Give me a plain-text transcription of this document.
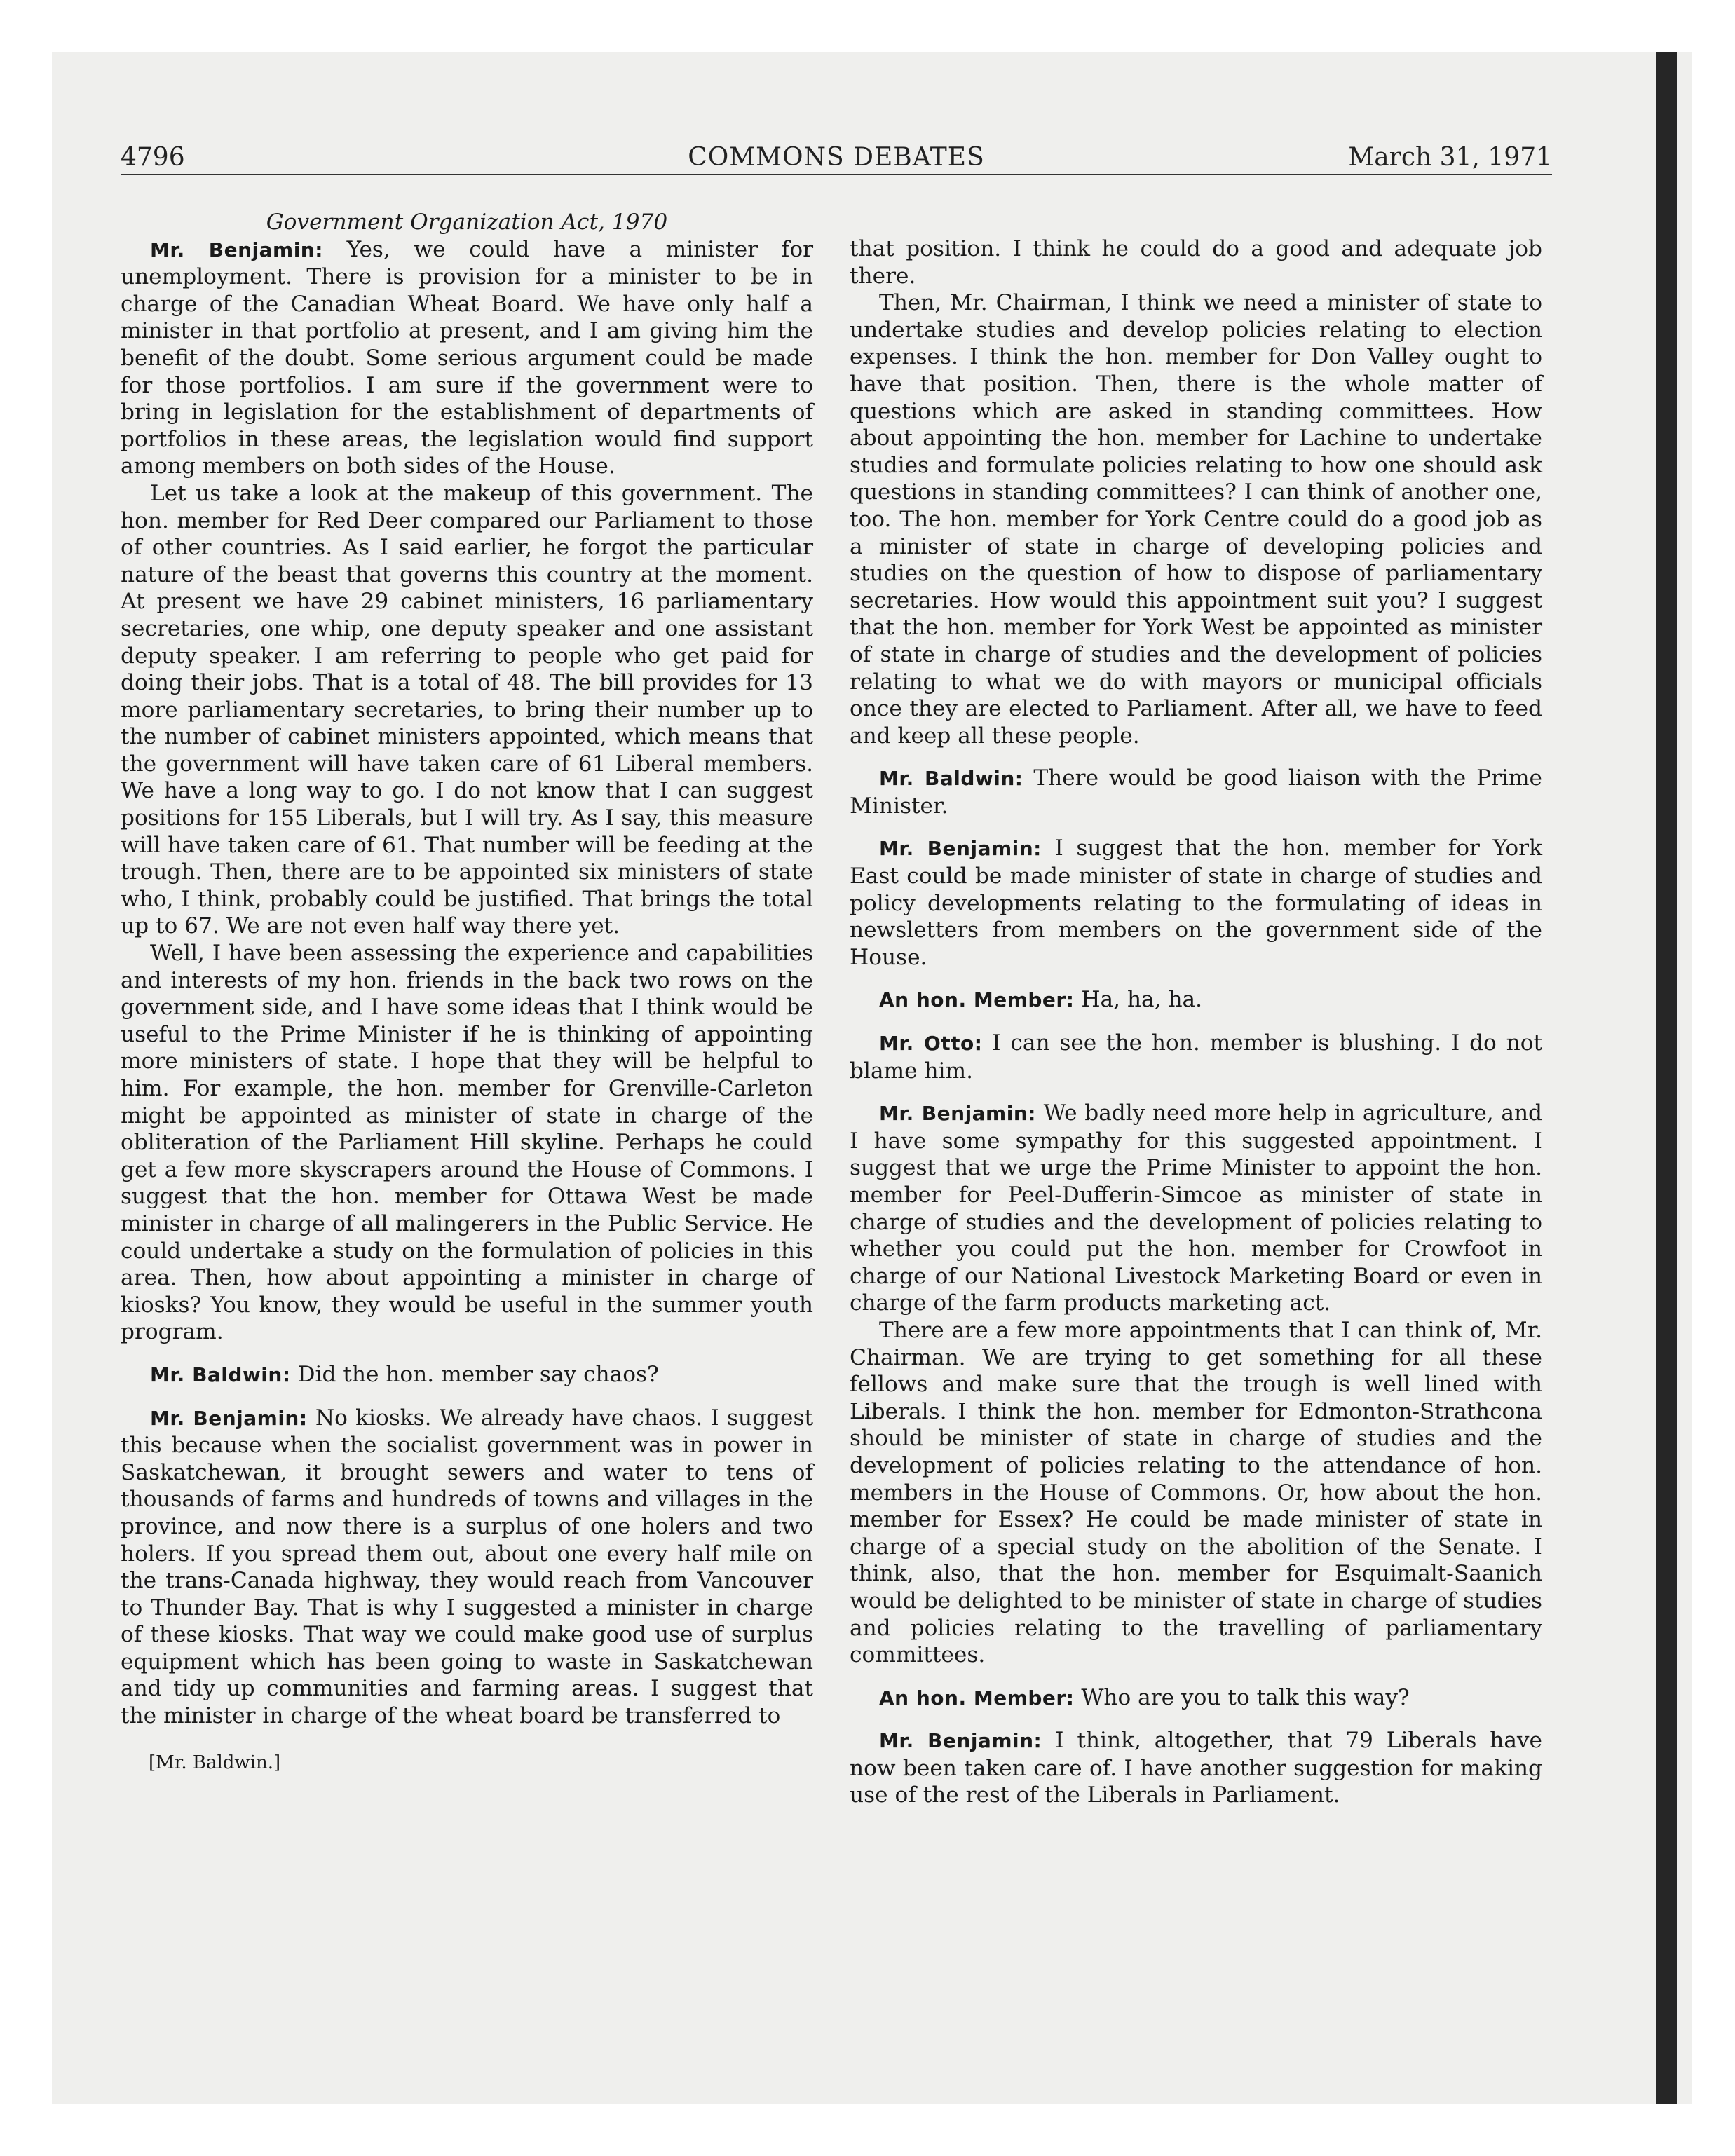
4796	COMMONS DEBATES	March 31, 1971

Government Organization Act, 1970

Mr. Benjamin: Yes, we could have a minister for unemployment. There is provision for a minister to be in charge of the Canadian Wheat Board. We have only half a minister in that portfolio at present, and I am giving him the benefit of the doubt. Some serious argument could be made for those portfolios. I am sure if the government were to bring in legislation for the establishment of departments of portfolios in these areas, the legislation would find support among members on both sides of the House.

Let us take a look at the makeup of this government. The hon. member for Red Deer compared our Parliament to those of other countries. As I said earlier, he forgot the particular nature of the beast that governs this country at the moment. At present we have 29 cabinet ministers, 16 parliamentary secretaries, one whip, one deputy speaker and one assistant deputy speaker. I am referring to people who get paid for doing their jobs. That is a total of 48. The bill provides for 13 more parliamentary secretaries, to bring their number up to the number of cabinet ministers appointed, which means that the government will have taken care of 61 Liberal members. We have a long way to go. I do not know that I can suggest positions for 155 Liberals, but I will try. As I say, this measure will have taken care of 61. That number will be feeding at the trough. Then, there are to be appointed six ministers of state who, I think, probably could be justified. That brings the total up to 67. We are not even half way there yet.

Well, I have been assessing the experience and capabilities and interests of my hon. friends in the back two rows on the government side, and I have some ideas that I think would be useful to the Prime Minister if he is thinking of appointing more ministers of state. I hope that they will be helpful to him. For example, the hon. member for Grenville-Carleton might be appointed as minister of state in charge of the obliteration of the Parliament Hill skyline. Perhaps he could get a few more skyscrapers around the House of Commons. I suggest that the hon. member for Ottawa West be made minister in charge of all malingerers in the Public Service. He could undertake a study on the formulation of policies in this area. Then, how about appointing a minister in charge of kiosks? You know, they would be useful in the summer youth program.

Mr. Baldwin: Did the hon. member say chaos?

Mr. Benjamin: No kiosks. We already have chaos. I suggest this because when the socialist government was in power in Saskatchewan, it brought sewers and water to tens of thousands of farms and hundreds of towns and villages in the province, and now there is a surplus of one holers and two holers. If you spread them out, about one every half mile on the trans-Canada highway, they would reach from Vancouver to Thunder Bay. That is why I suggested a minister in charge of these kiosks. That way we could make good use of surplus equipment which has been going to waste in Saskatchewan and tidy up communities and farming areas. I suggest that the minister in charge of the wheat board be transferred to

[Mr. Baldwin.]

that position. I think he could do a good and adequate job there.

Then, Mr. Chairman, I think we need a minister of state to undertake studies and develop policies relating to election expenses. I think the hon. member for Don Valley ought to have that position. Then, there is the whole matter of questions which are asked in standing committees. How about appointing the hon. member for Lachine to undertake studies and formulate policies relating to how one should ask questions in standing committees? I can think of another one, too. The hon. member for York Centre could do a good job as a minister of state in charge of developing policies and studies on the question of how to dispose of parliamentary secretaries. How would this appointment suit you? I suggest that the hon. member for York West be appointed as minister of state in charge of studies and the development of policies relating to what we do with mayors or municipal officials once they are elected to Parliament. After all, we have to feed and keep all these people.

Mr. Baldwin: There would be good liaison with the Prime Minister.

Mr. Benjamin: I suggest that the hon. member for York East could be made minister of state in charge of studies and policy developments relating to the formulating of ideas in newsletters from members on the government side of the House.

An hon. Member: Ha, ha, ha.

Mr. Otto: I can see the hon. member is blushing. I do not blame him.

Mr. Benjamin: We badly need more help in agriculture, and I have some sympathy for this suggested appointment. I suggest that we urge the Prime Minister to appoint the hon. member for Peel-Dufferin-Simcoe as minister of state in charge of studies and the development of policies relating to whether you could put the hon. member for Crowfoot in charge of our National Livestock Marketing Board or even in charge of the farm products marketing act.

There are a few more appointments that I can think of, Mr. Chairman. We are trying to get something for all these fellows and make sure that the trough is well lined with Liberals. I think the hon. member for Edmonton-Strathcona should be minister of state in charge of studies and the development of policies relating to the attendance of hon. members in the House of Commons. Or, how about the hon. member for Essex? He could be made minister of state in charge of a special study on the abolition of the Senate. I think, also, that the hon. member for Esquimalt-Saanich would be delighted to be minister of state in charge of studies and policies relating to the travelling of parliamentary committees.

An hon. Member: Who are you to talk this way?

Mr. Benjamin: I think, altogether, that 79 Liberals have now been taken care of. I have another suggestion for making use of the rest of the Liberals in Parliament.
